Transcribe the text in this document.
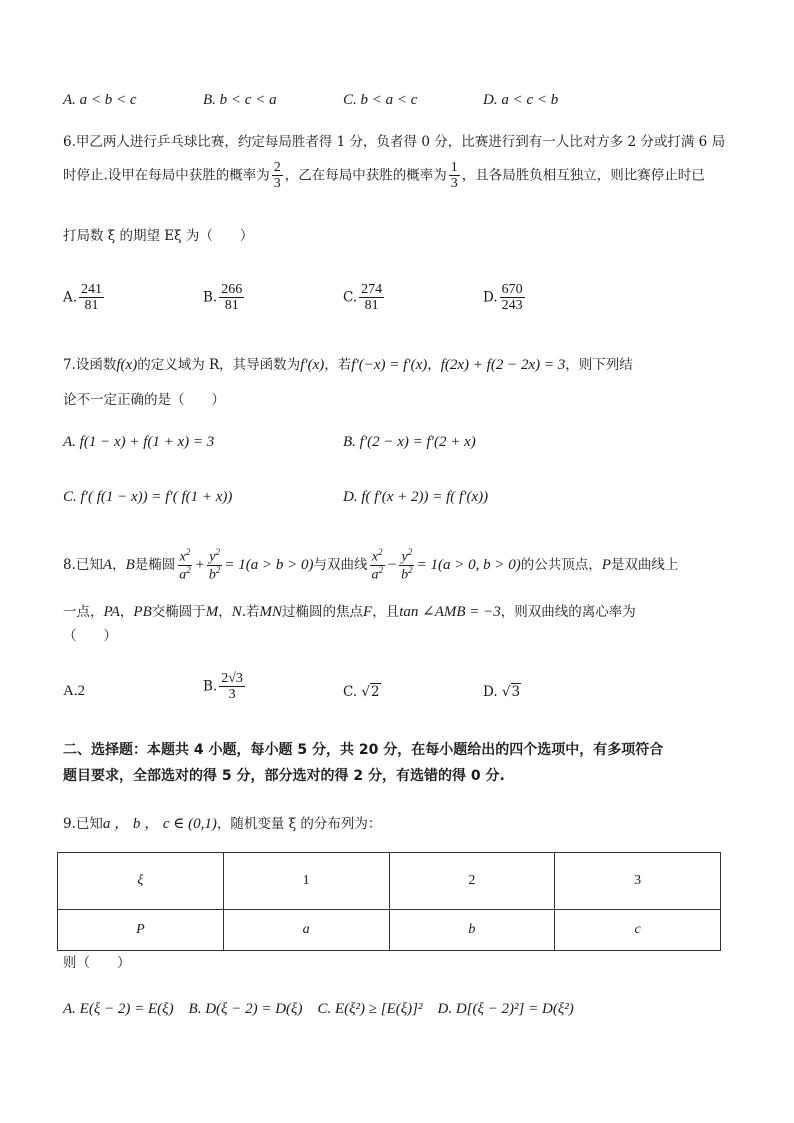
A. a < b < c	B. b < c < a	C. b < a < c	D. a < c < b
6.甲乙两人进行乒乓球比赛，约定每局胜者得 1 分，负者得 0 分，比赛进行到有一人比对方多 2 分或打满 6 局
时停止.设甲在每局中获胜的概率为 $\frac{2}{3}$ ，乙在每局中获胜的概率为 $\frac{1}{3}$ ，且各局胜负相互独立，则比赛停止时已
打局数 ξ 的期望 Eξ 为（　　）
A. $\frac{241}{81}$	B. $\frac{266}{81}$	C. $\frac{274}{81}$	D. $\frac{670}{243}$
7.设函数f(x)的定义域为 R，其导函数为f′(x)，若f′(−x) = f′(x)，f(2x) + f(2 − 2x) = 3，则下列结
论不一定正确的是（　　）
A. f(1 − x) + f(1 + x) = 3	B. f′(2 − x) = f′(2 + x)
C. f′( f(1 − x)) = f′( f(1 + x))	D. f( f′(x + 2)) = f( f′(x))
8.已知A，B是椭圆 $\frac{x^2}{a^2} + \frac{y^2}{b^2} = 1(a > b > 0)$与双曲线 $\frac{x^2}{a^2} - \frac{y^2}{b^2} = 1(a > 0$, b > 0)的公共顶点，P是双曲线上
一点，PA，PB交椭圆于M，N.若MN过椭圆的焦点F，且tan ∠AMB = −3，则双曲线的离心率为
（　　）
A.2	B. $\frac{2√3}{3}$	C. √2	D. √3
二、选择题：本题共 4 小题，每小题 5 分，共 20 分，在每小题给出的四个选项中，有多项符合
题目要求，全部选对的得 5 分，部分选对的得 2 分，有选错的得 0 分.
9.已知a ， b ， c ∈ (0,1)，随机变量 ξ 的分布列为：
ξ	1	2	3
P	a	b	c
则（　　）
A. E(ξ − 2) = E(ξ)　B. D(ξ − 2) = D(ξ)　C. E(ξ²) ≥ [E(ξ)]²　D. D[(ξ − 2)²] = D(ξ²)
